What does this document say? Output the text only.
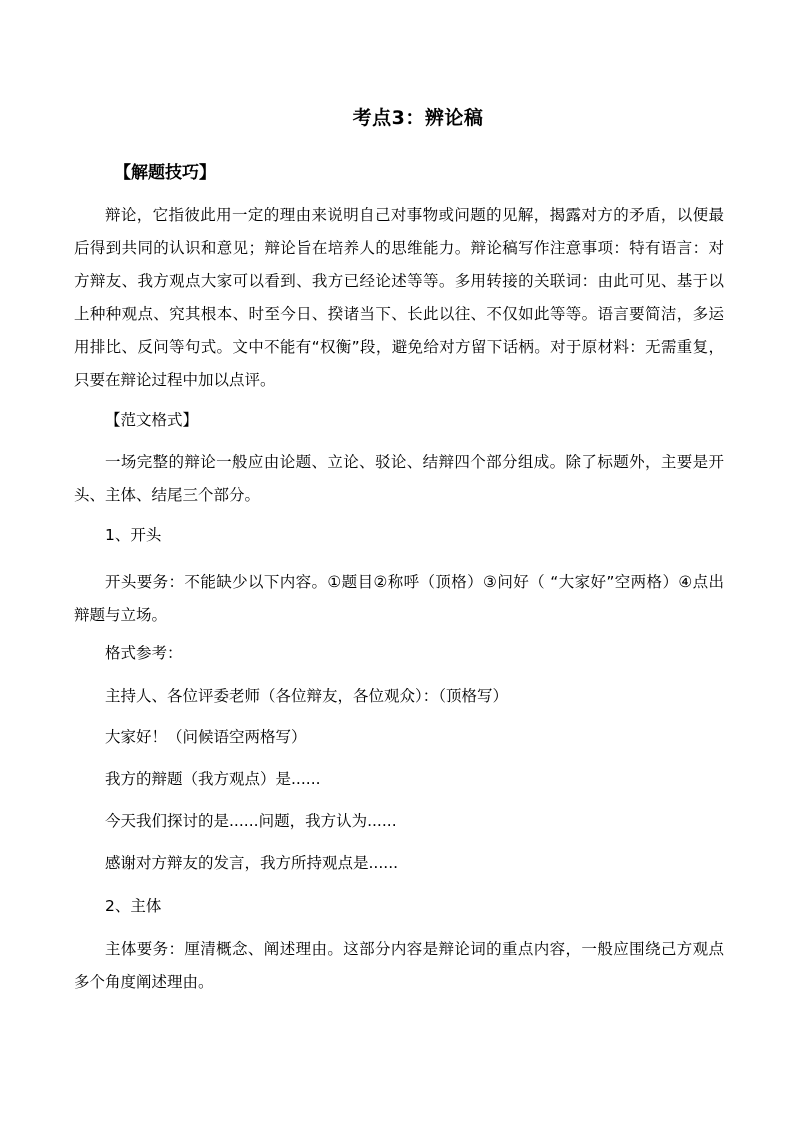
考点3：辨论稿
【解题技巧】
辩论，它指彼此用一定的理由来说明自己对事物或问题的见解，揭露对方的矛盾，以便最后得到共同的认识和意见；辩论旨在培养人的思维能力。辩论稿写作注意事项：特有语言：对方辩友、我方观点大家可以看到、我方已经论述等等。多用转接的关联词：由此可见、基于以上种种观点、究其根本、时至今日、揆诸当下、长此以往、不仅如此等等。语言要简洁，多运用排比、反问等句式。文中不能有“权衡”段，避免给对方留下话柄。对于原材料：无需重复，只要在辩论过程中加以点评。
【范文格式】
一场完整的辩论一般应由论题、立论、驳论、结辩四个部分组成。除了标题外，主要是开头、主体、结尾三个部分。
1、开头
开头要务：不能缺少以下内容。①题目②称呼（顶格）③问好（ “大家好”空两格）④点出辩题与立场。
格式参考：
主持人、各位评委老师（各位辩友，各位观众）：（顶格写）
大家好！（问候语空两格写）
我方的辩题（我方观点）是......
今天我们探讨的是......问题，我方认为......
感谢对方辩友的发言，我方所持观点是......
2、主体
主体要务：厘清概念、阐述理由。这部分内容是辩论词的重点内容，一般应围绕己方观点多个角度阐述理由。
